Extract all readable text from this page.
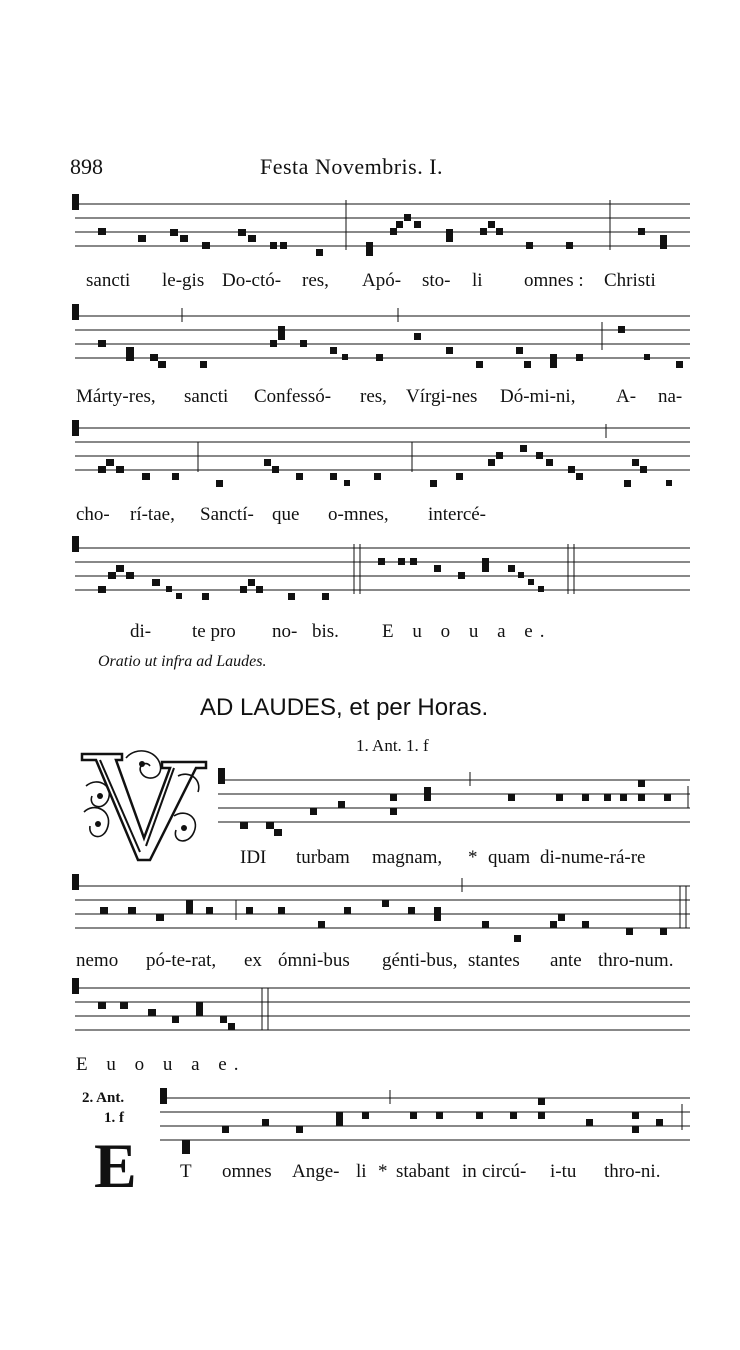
898	Festa Novembris. I.
sancti le-gis Do-ctó- res, Apó- sto- li omnes : Christi
Márty-res, sancti Confessó- res, Vírgi-nes Dó-mi-ni, A- na-
cho- rí-tae, Sanctí- que o-mnes, intercé-
di- te pro no- bis. E u o u a e.
Oratio ut infra ad Laudes.
AD LAUDES, et per Horas.
1. Ant. 1. f
IDI turbam magnam, * quam di-nume-rá-re
nemo pó-te-rat, ex ómni-bus génti-bus, stantes ante thro-num.
E u o u a e.
2. Ant.
1. f
E T omnes Ange- li * stabant in circú- i-tu thro-ni.
